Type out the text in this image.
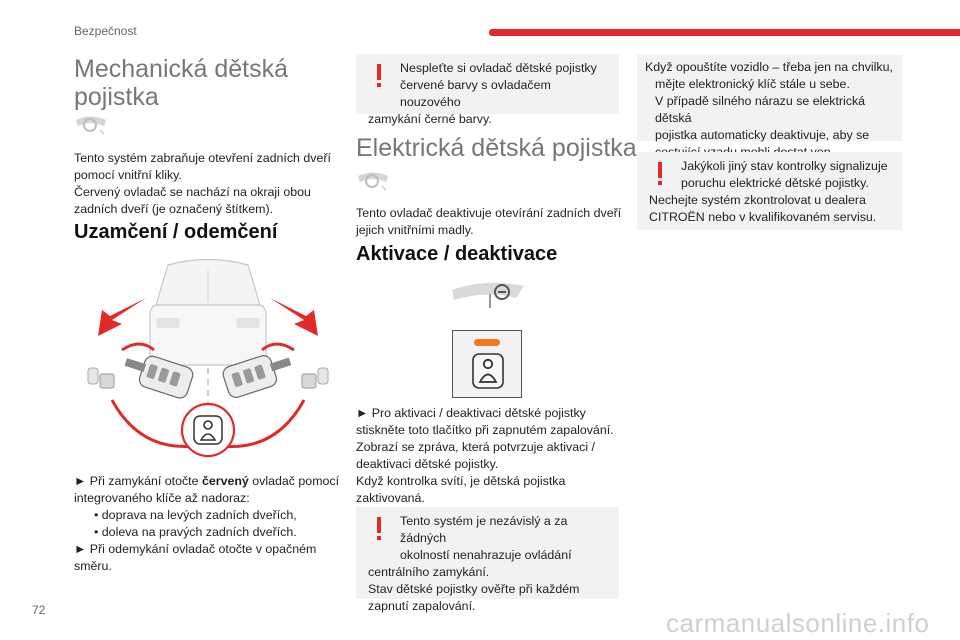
Bezpečnost
Mechanická dětská pojistka

Tento systém zabraňuje otevření zadních dveří

pomocí vnitřní kliky.

Červený ovladač se nachází na okraji obou

zadních dveří (je označený štítkem).

Uzamčení / odemčení

► Při zamykání otočte červený ovladač pomocí

integrovaného klíče až nadoraz:

• doprava na levých zadních dveřích,

• doleva na pravých zadních dveřích.

► Při odemykání ovladač otočte v opačném

směru.

Nespleťte si ovladač dětské pojistky
červené barvy s ovladačem nouzového
zamykání černé barvy.
Elektrická dětská pojistka

Tento ovladač deaktivuje otevírání zadních dveří

jejich vnitřními madly.

Aktivace / deaktivace

► Pro aktivaci / deaktivaci dětské pojistky

stiskněte toto tlačítko při zapnutém zapalování.

Zobrazí se zpráva, která potvrzuje aktivaci /

deaktivaci dětské pojistky.

Když kontrolka svítí, je dětská pojistka

zaktivovaná.

Tento systém je nezávislý a za žádných
okolností nenahrazuje ovládání
centrálního zamykání.
Stav dětské pojistky ověřte při každém
zapnutí zapalování.
Když opouštíte vozidlo – třeba jen na chvilku,
mějte elektronický klíč stále u sebe.
V případě silného nárazu se elektrická dětská
pojistka automaticky deaktivuje, aby se
Jakýkoli jiný stav kontrolky signalizuje
poruchu elektrické dětské pojistky.
Nechejte systém zkontrolovat u dealera
CITROËN nebo v kvalifikovaném servisu.
72	carmanualsonline.info
